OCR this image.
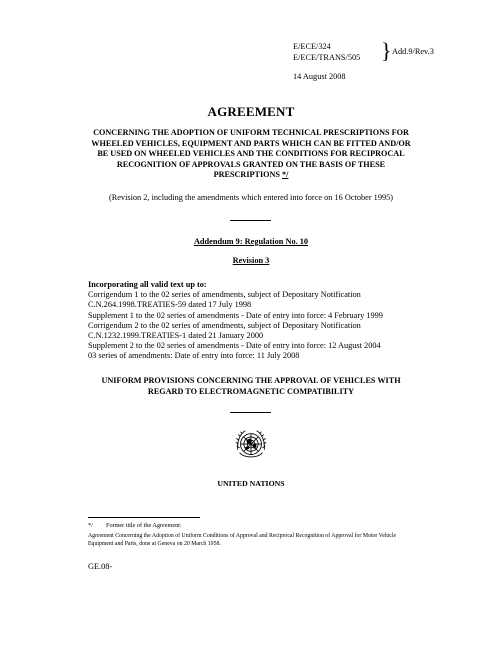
E/ECE/324
E/ECE/TRANS/505 } Add.9/Rev.3
14 August 2008
AGREEMENT
CONCERNING THE ADOPTION OF UNIFORM TECHNICAL PRESCRIPTIONS FOR WHEELED VEHICLES, EQUIPMENT AND PARTS WHICH CAN BE FITTED AND/OR BE USED ON WHEELED VEHICLES AND THE CONDITIONS FOR RECIPROCAL RECOGNITION OF APPROVALS GRANTED ON THE BASIS OF THESE PRESCRIPTIONS */
(Revision 2, including the amendments which entered into force on 16 October 1995)
Addendum 9: Regulation No. 10
Revision 3
Incorporating all valid text up to:
Corrigendum 1 to the 02 series of amendments, subject of Depositary Notification
C.N.264.1998.TREATIES-59 dated 17 July 1998
Supplement 1 to the 02 series of amendments - Date of entry into force: 4 February 1999
Corrigendum 2 to the 02 series of amendments, subject of Depositary Notification
C.N.1232.1999.TREATIES-1 dated 21 January 2000
Supplement 2 to the 02 series of amendments - Date of entry into force: 12 August 2004
03 series of amendments: Date of entry into force: 11 July 2008
UNIFORM PROVISIONS CONCERNING THE APPROVAL OF VEHICLES WITH REGARD TO ELECTROMAGNETIC COMPATIBILITY
UNITED NATIONS
*/ Former title of the Agreement:
Agreement Concerning the Adoption of Uniform Conditions of Approval and Reciprocal Recognition of Approval for Motor Vehicle Equipment and Parts, done at Geneva on 20 March 1958.
GE.08-
